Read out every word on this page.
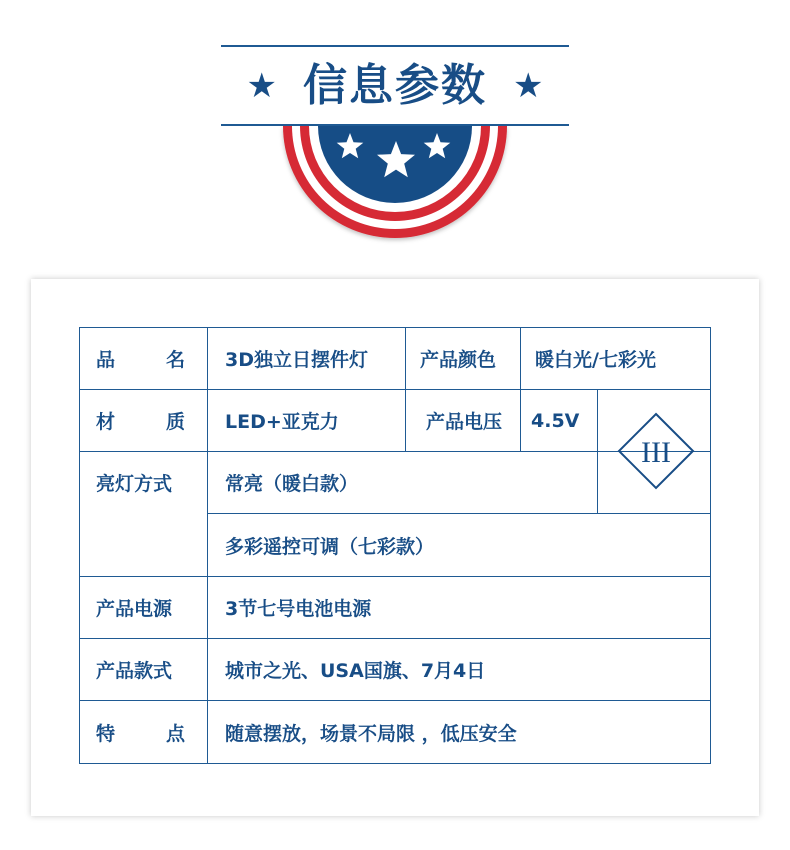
★ 信息参数 ★
品	名	3D独立日摆件灯	产品颜色	暖白光/七彩光
材	质	LED+亚克力	产品电压	4.5V
III
亮灯方式	常亮（暖白款）
多彩遥控可调（七彩款）
产品电源	3节七号电池电源
产品款式	城市之光、USA国旗、7月4日
特	点	随意摆放，场景不局限 ，低压安全
